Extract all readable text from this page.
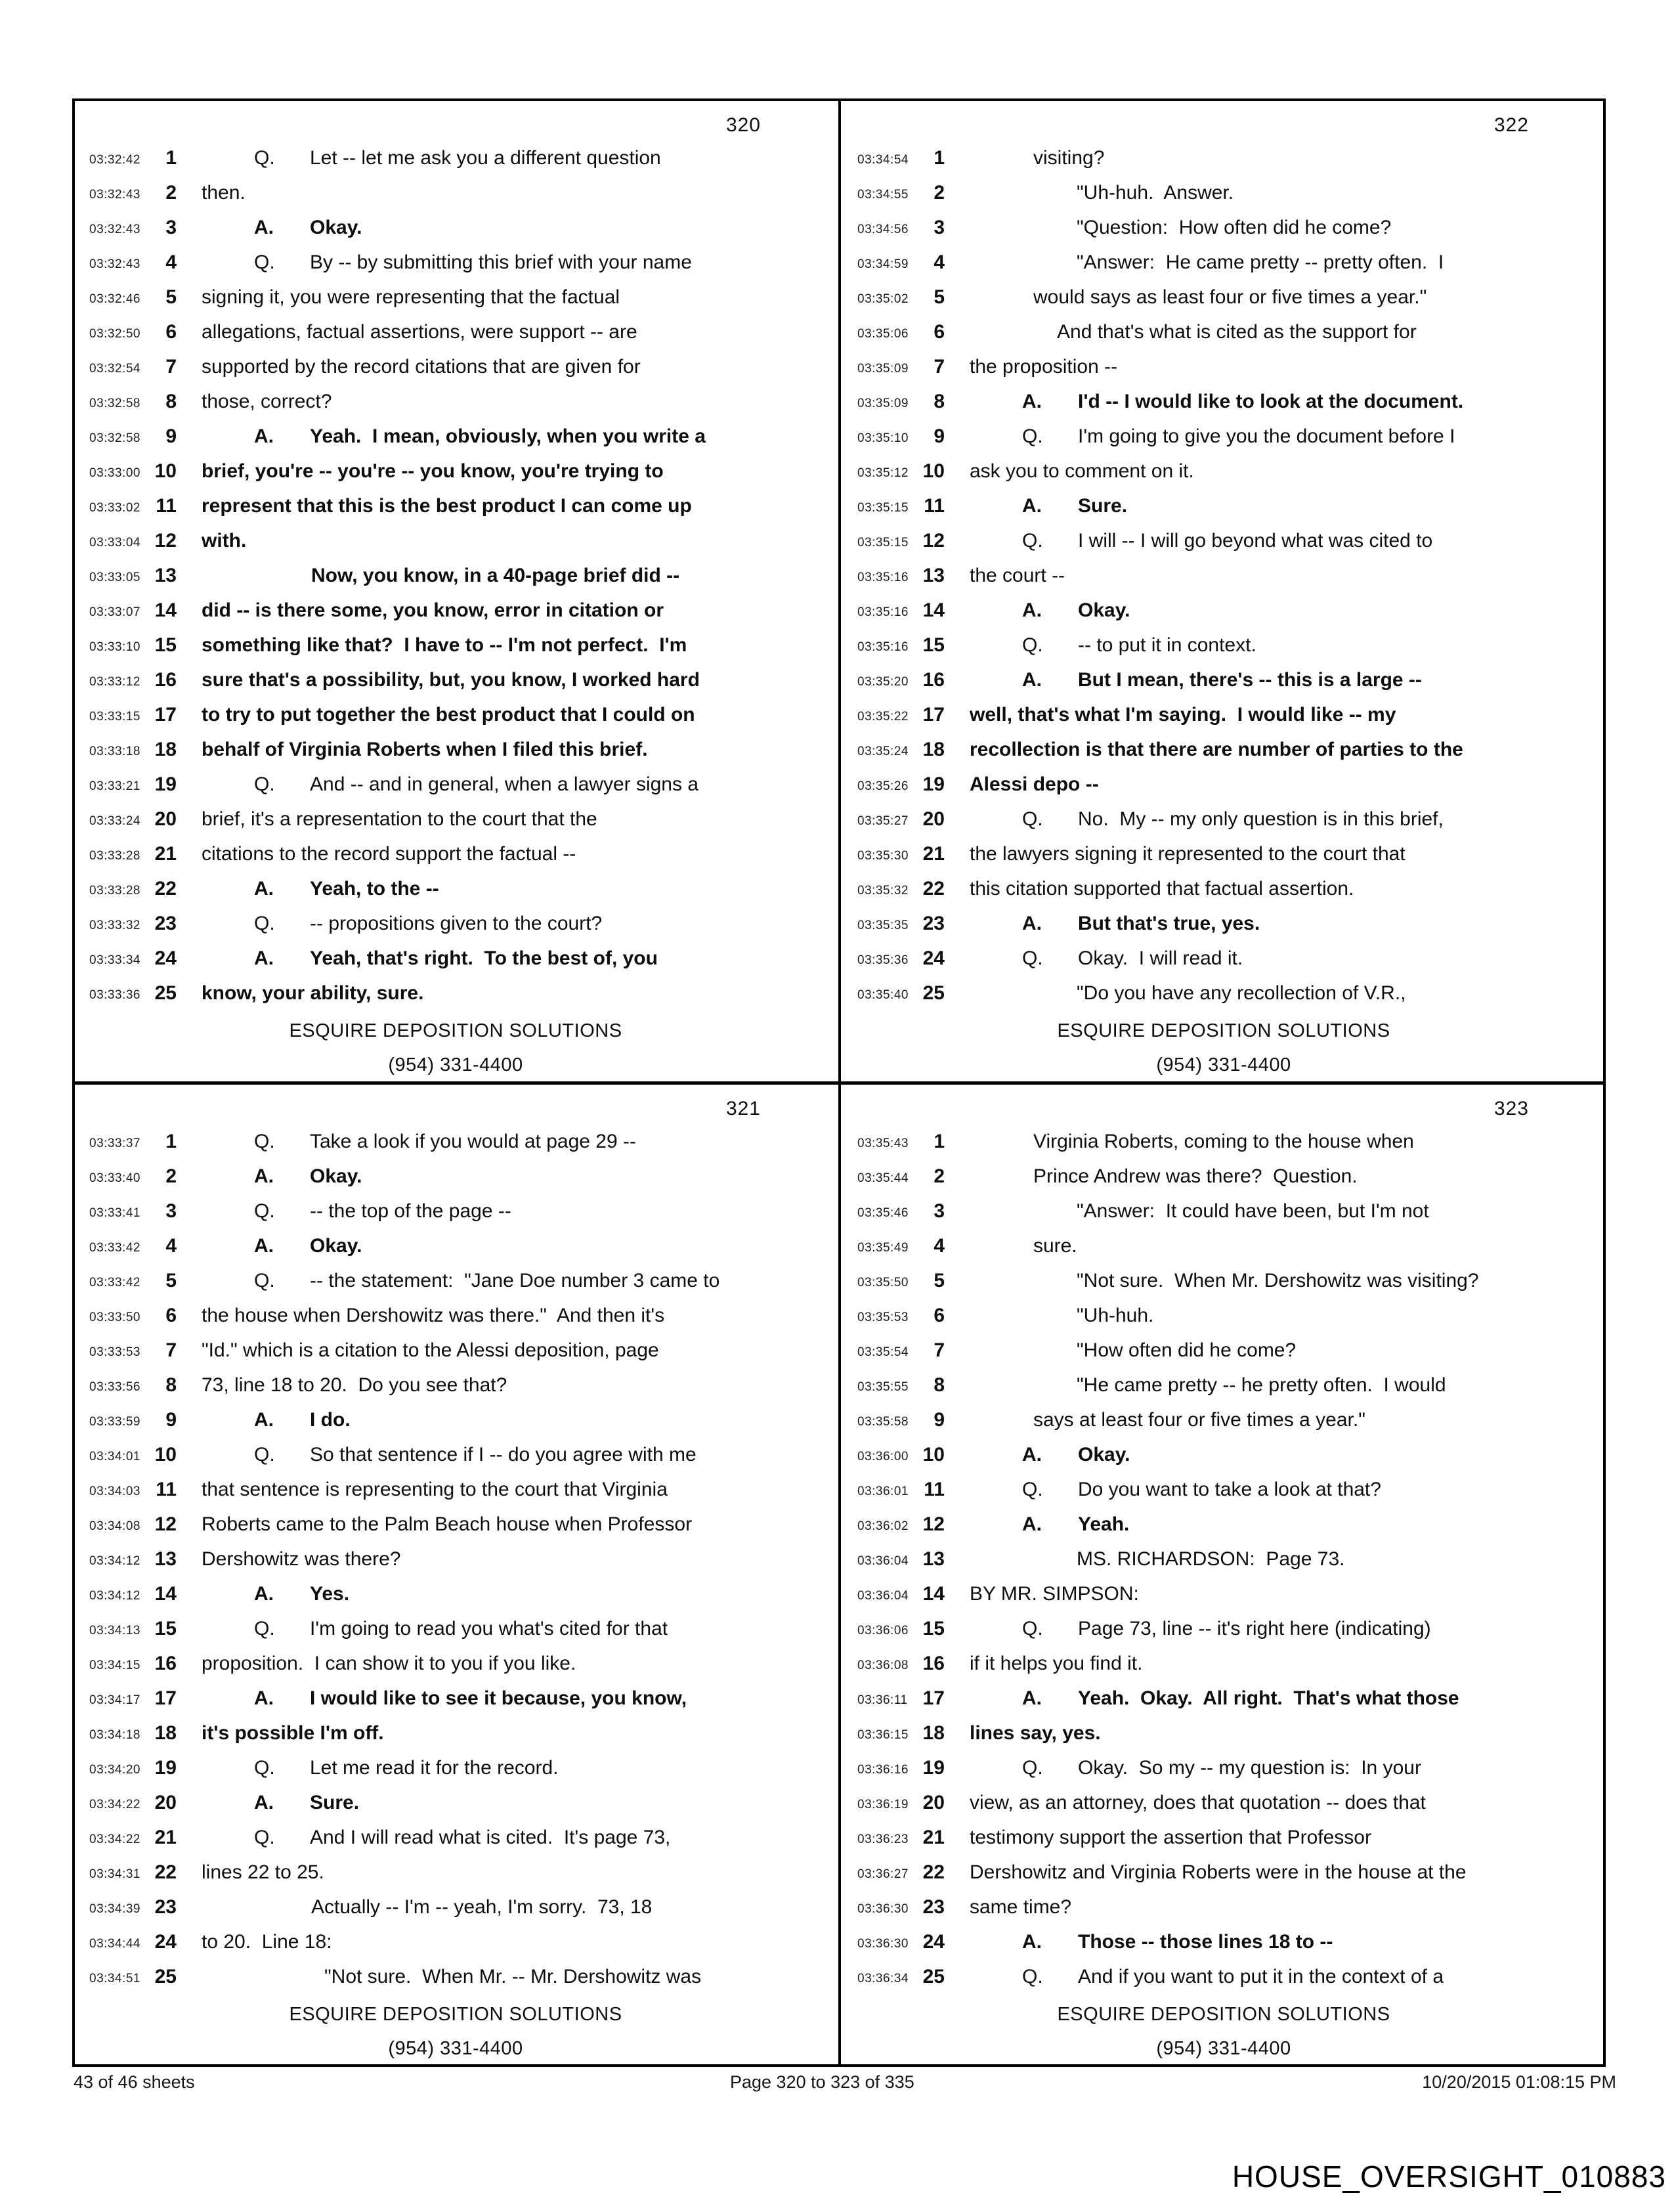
320
03:32:42	1	Q. Let -- let me ask you a different question
03:32:43	2 then.
03:32:43	3	A. Okay.
03:32:43	4	Q. By -- by submitting this brief with your name
03:32:46	5 signing it, you were representing that the factual
03:32:50	6 allegations, factual assertions, were support -- are
03:32:54	7 supported by the record citations that are given for
03:32:58	8 those, correct?
03:32:58	9	A. Yeah.  I mean, obviously, when you write a
03:33:00 10 brief, you're -- you're -- you know, you're trying to
03:33:02 11 represent that this is the best product I can come up
03:33:04 12 with.
03:33:05 13	Now, you know, in a 40-page brief did --
03:33:07 14 did -- is there some, you know, error in citation or
03:33:10 15 something like that?  I have to -- I'm not perfect.  I'm
03:33:12 16 sure that's a possibility, but, you know, I worked hard
03:33:15 17 to try to put together the best product that I could on
03:33:18 18 behalf of Virginia Roberts when I filed this brief.
03:33:21 19	Q. And -- and in general, when a lawyer signs a
03:33:24 20 brief, it's a representation to the court that the
03:33:28 21 citations to the record support the factual --
03:33:28 22	A. Yeah, to the --
03:33:32 23	Q. -- propositions given to the court?
03:33:34 24	A. Yeah, that's right.  To the best of, you
03:33:36 25 know, your ability, sure.
ESQUIRE DEPOSITION SOLUTIONS
(954) 331-4400
322
03:34:54	1	visiting?
03:34:55	2	"Uh-huh.  Answer.
03:34:56	3	"Question:  How often did he come?
03:34:59	4	"Answer:  He came pretty -- pretty often.  I
03:35:02	5	would says as least four or five times a year."
03:35:06	6	And that's what is cited as the support for
03:35:09	7 the proposition --
03:35:09	8	A. I'd -- I would like to look at the document.
03:35:10	9	Q. I'm going to give you the document before I
03:35:12 10 ask you to comment on it.
03:35:15 11	A. Sure.
03:35:15 12	Q. I will -- I will go beyond what was cited to
03:35:16 13 the court --
03:35:16 14	A. Okay.
03:35:16 15	Q. -- to put it in context.
03:35:20 16	A. But I mean, there's -- this is a large --
03:35:22 17 well, that's what I'm saying.  I would like -- my
03:35:24 18 recollection is that there are number of parties to the
03:35:26 19 Alessi depo --
03:35:27 20	Q. No.  My -- my only question is in this brief,
03:35:30 21 the lawyers signing it represented to the court that
03:35:32 22 this citation supported that factual assertion.
03:35:35 23	A. But that's true, yes.
03:35:36 24	Q. Okay.  I will read it.
03:35:40 25	"Do you have any recollection of V.R.,
ESQUIRE DEPOSITION SOLUTIONS
(954) 331-4400
321
03:33:37	1	Q. Take a look if you would at page 29 --
03:33:40	2	A. Okay.
03:33:41	3	Q. -- the top of the page --
03:33:42	4	A. Okay.
03:33:42	5	Q. -- the statement:  "Jane Doe number 3 came to
03:33:50	6 the house when Dershowitz was there."  And then it's
03:33:53	7 "Id." which is a citation to the Alessi deposition, page
03:33:56	8 73, line 18 to 20.  Do you see that?
03:33:59	9	A. I do.
03:34:01 10	Q. So that sentence if I -- do you agree with me
03:34:03 11 that sentence is representing to the court that Virginia
03:34:08 12 Roberts came to the Palm Beach house when Professor
03:34:12 13 Dershowitz was there?
03:34:12 14	A. Yes.
03:34:13 15	Q. I'm going to read you what's cited for that
03:34:15 16 proposition.  I can show it to you if you like.
03:34:17 17	A. I would like to see it because, you know,
03:34:18 18 it's possible I'm off.
03:34:20 19	Q. Let me read it for the record.
03:34:22 20	A. Sure.
03:34:22 21	Q. And I will read what is cited.  It's page 73,
03:34:31 22 lines 22 to 25.
03:34:39 23	Actually -- I'm -- yeah, I'm sorry.  73, 18
03:34:44 24 to 20.  Line 18:
03:34:51 25	"Not sure.  When Mr. -- Mr. Dershowitz was
ESQUIRE DEPOSITION SOLUTIONS
(954) 331-4400
323
03:35:43	1	Virginia Roberts, coming to the house when
03:35:44	2	Prince Andrew was there?  Question.
03:35:46	3	"Answer:  It could have been, but I'm not
03:35:49	4	sure.
03:35:50	5	"Not sure.  When Mr. Dershowitz was visiting?
03:35:53	6	"Uh-huh.
03:35:54	7	"How often did he come?
03:35:55	8	"He came pretty -- he pretty often.  I would
03:35:58	9	says at least four or five times a year."
03:36:00 10	A. Okay.
03:36:01 11	Q. Do you want to take a look at that?
03:36:02 12	A. Yeah.
03:36:04 13	MS. RICHARDSON:  Page 73.
03:36:04 14 BY MR. SIMPSON:
03:36:06 15	Q. Page 73, line -- it's right here (indicating)
03:36:08 16 if it helps you find it.
03:36:11 17	A. Yeah.  Okay.  All right.  That's what those
03:36:15 18 lines say, yes.
03:36:16 19	Q. Okay.  So my -- my question is:  In your
03:36:19 20 view, as an attorney, does that quotation -- does that
03:36:23 21 testimony support the assertion that Professor
03:36:27 22 Dershowitz and Virginia Roberts were in the house at the
03:36:30 23 same time?
03:36:30 24	A. Those -- those lines 18 to --
03:36:34 25	Q. And if you want to put it in the context of a
ESQUIRE DEPOSITION SOLUTIONS
(954) 331-4400
43 of 46 sheets	Page 320 to 323 of 335	10/20/2015 01:08:15 PM
HOUSE_OVERSIGHT_010883
